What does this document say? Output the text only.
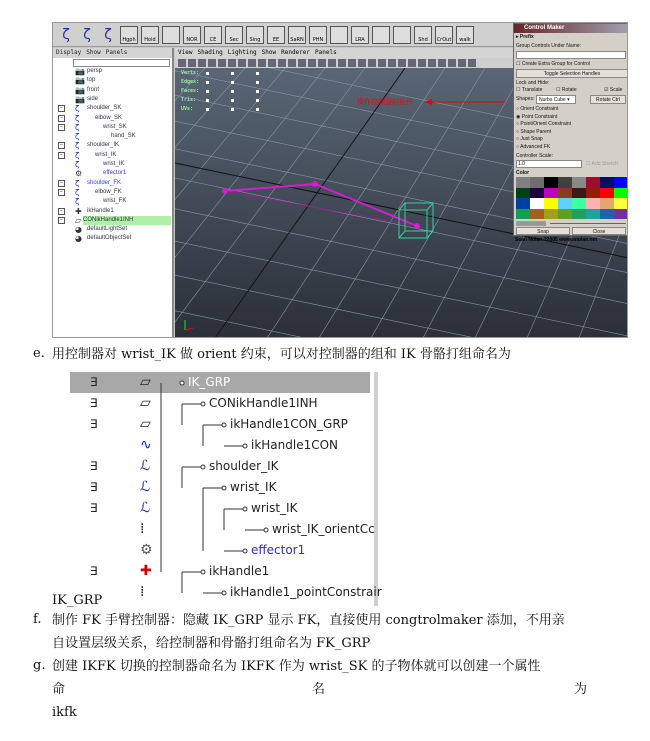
ζ ζ ζ	Hgph	Hold	NOR	CE	Sec	Sing	EE	SaRN	PHN	LRA	Shd	CrOut	walk
Display Show Panels
📷 persp
📷 top
📷 front
📷 side
− ζ shoulder_SK
− ζ	elbow_SK
− ζ	wrist_SK
ζ	hand_SK
− ζ shoulder_IK
− ζ	wrist_IK
ζ	wrist_IK
⚙	effector1
− ζ shoulder_FK
− ζ	elbow_FK
ζ	wrist_FK
− ✚ ikHandle1
− ▱ CONikHandle1INH
◕ defaultLightSet
◕ defaultObjectSet
View Shading Lighting Show Renderer Panels
操作控制器的插件
Verts:
Edges:
Faces:
Tris:
UVs:
Control Maker
▸ Prefix
Group Controls Under Name:
☐ Create Extra Group for Control
Toggle Selection Handles
Lock and Hide:
☐ Translate	☐ Rotate	☑ Scale
Shapes: Nurbs Cube ▾	Rotate Ctrl
○ Orient Constraint
◉ Point Constraint
○ Point/Orient Constraint
○ Shape Parent
○ Just Snap
○ Advanced FK
Controller Scale:
1.0	☐ Add Stretch
Color
Snap	Close
Sean Nolan ?2005 www.snolan.net
e. 用控制器对 wrist_IK 做 orient 约束，可以对控制器的组和 IK 骨骼打组命名为
∃	▱	IK_GRP
∃	▱	CONikHandle1INH
∃	▱	ikHandle1CON_GRP
∿	ikHandle1CON
∃	ℒ	shoulder_IK
∃	ℒ	wrist_IK
∃	ℒ	wrist_IK
⁞	wrist_IK_orientCc
⚙	effector1
∃	✚	ikHandle1
⁞	ikHandle1_pointConstrair
IK_GRP
f. 制作 FK 手臂控制器：隐藏 IK_GRP 显示 FK，直接使用 congtrolmaker 添加，不用亲
自设置层级关系，给控制器和骨骼打组命名为 FK_GRP
g. 创建 IKFK 切换的控制器命名为 IKFK 作为 wrist_SK 的子物体就可以创建一个属性
命	名	为
ikfk
